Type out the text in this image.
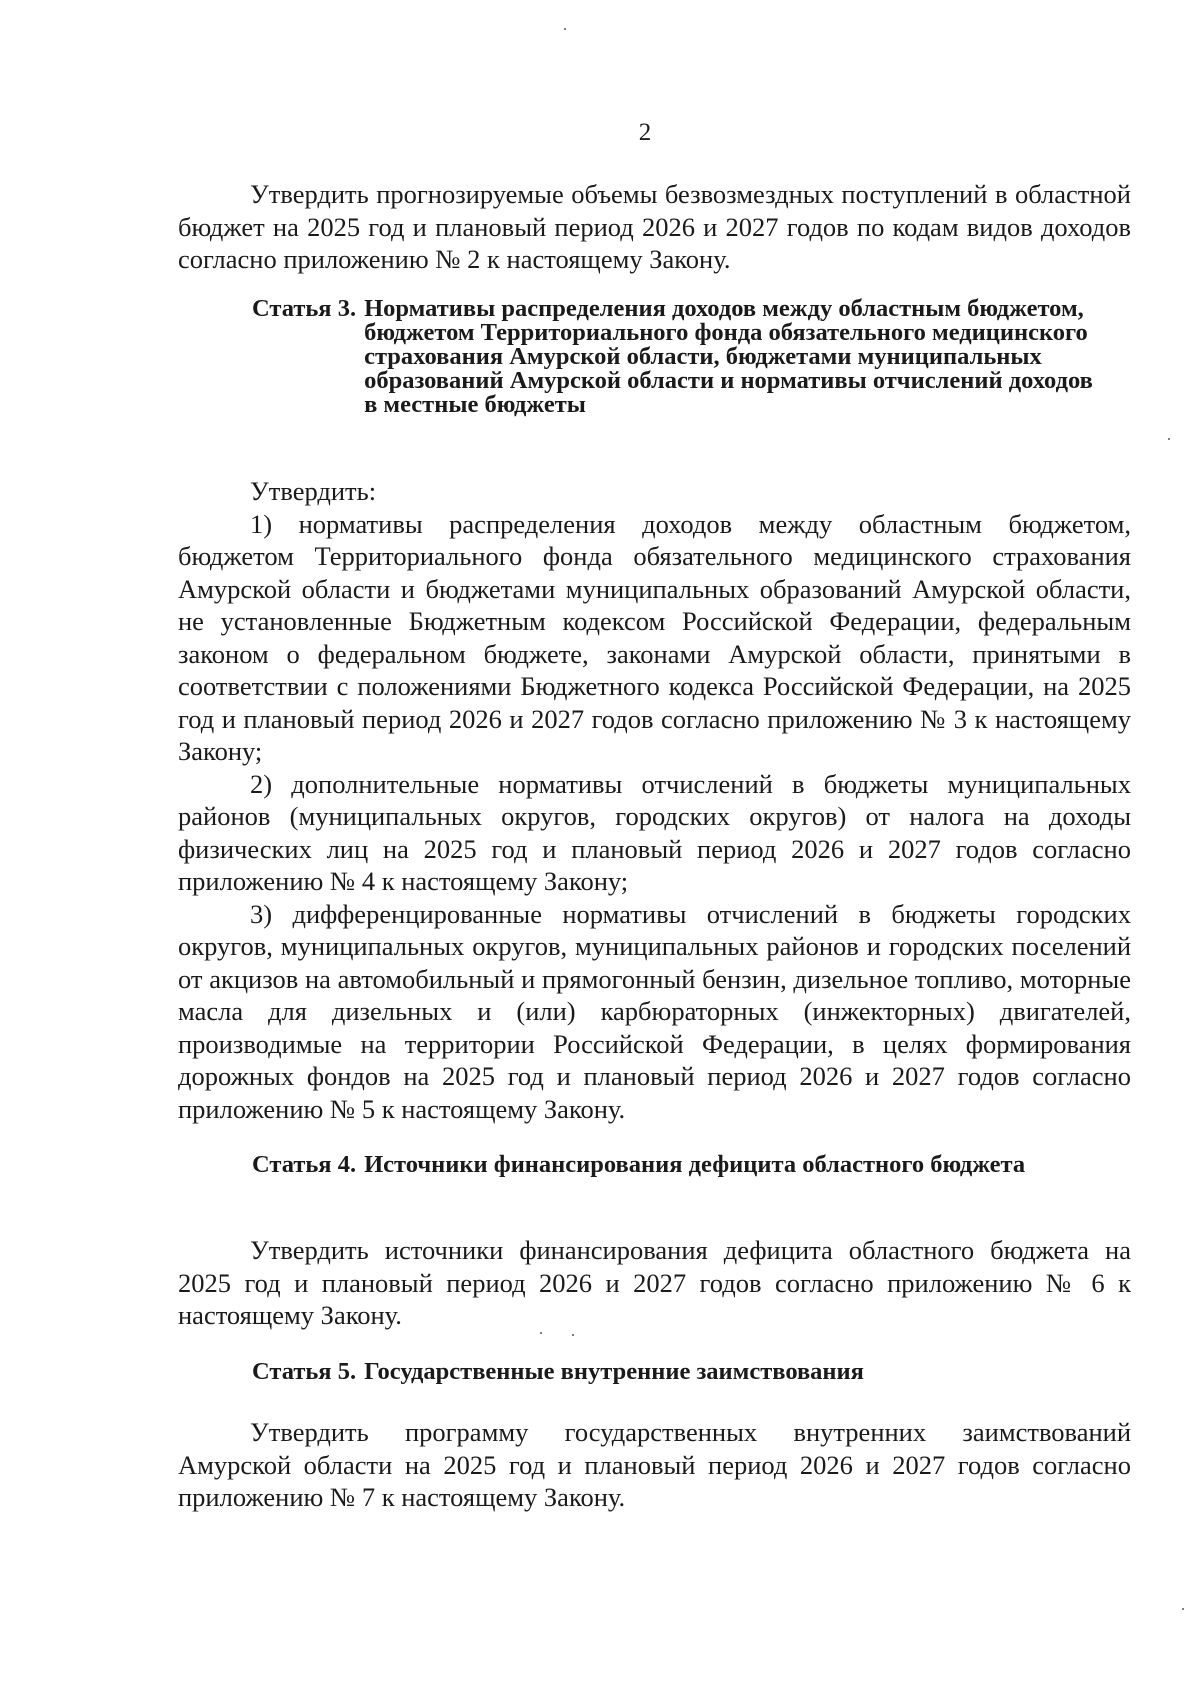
2

Утвердить прогнозируемые объемы безвозмездных поступлений в областной бюджет на 2025 год и плановый период 2026 и 2027 годов по кодам видов доходов согласно приложению № 2 к настоящему Закону.

Статья 3.	Нормативы распределения доходов между областным бюджетом, бюджетом Территориального фонда обязательного медицинского страхования Амурской области, бюджетами муниципальных образований Амурской области и нормативы отчислений доходов в местные бюджеты

Утвердить:

1) нормативы распределения доходов между областным бюджетом, бюджетом Территориального фонда обязательного медицинского страхования Амурской области и бюджетами муниципальных образований Амурской области, не установленные Бюджетным кодексом Российской Федерации, федеральным законом о федеральном бюджете, законами Амурской области, принятыми в соответствии с положениями Бюджетного кодекса Российской Федерации, на 2025 год и плановый период 2026 и 2027 годов согласно приложению № 3 к настоящему Закону;

2) дополнительные нормативы отчислений в бюджеты муниципальных районов (муниципальных округов, городских округов) от налога на доходы физических лиц на 2025 год и плановый период 2026 и 2027 годов согласно приложению № 4 к настоящему Закону;

3) дифференцированные нормативы отчислений в бюджеты городских округов, муниципальных округов, муниципальных районов и городских поселений от акцизов на автомобильный и прямогонный бензин, дизельное топливо, моторные масла для дизельных и (или) карбюраторных (инжекторных) двигателей, производимые на территории Российской Федерации, в целях формирования дорожных фондов на 2025 год и плановый период 2026 и 2027 годов согласно приложению № 5 к настоящему Закону.

Статья 4.	Источники финансирования дефицита областного бюджета

Утвердить источники финансирования дефицита областного бюджета на 2025 год и плановый период 2026 и 2027 годов согласно приложению № 6 к настоящему Закону.

Статья 5.	Государственные внутренние заимствования

Утвердить программу государственных внутренних заимствований Амурской области на 2025 год и плановый период 2026 и 2027 годов согласно приложению № 7 к настоящему Закону.
